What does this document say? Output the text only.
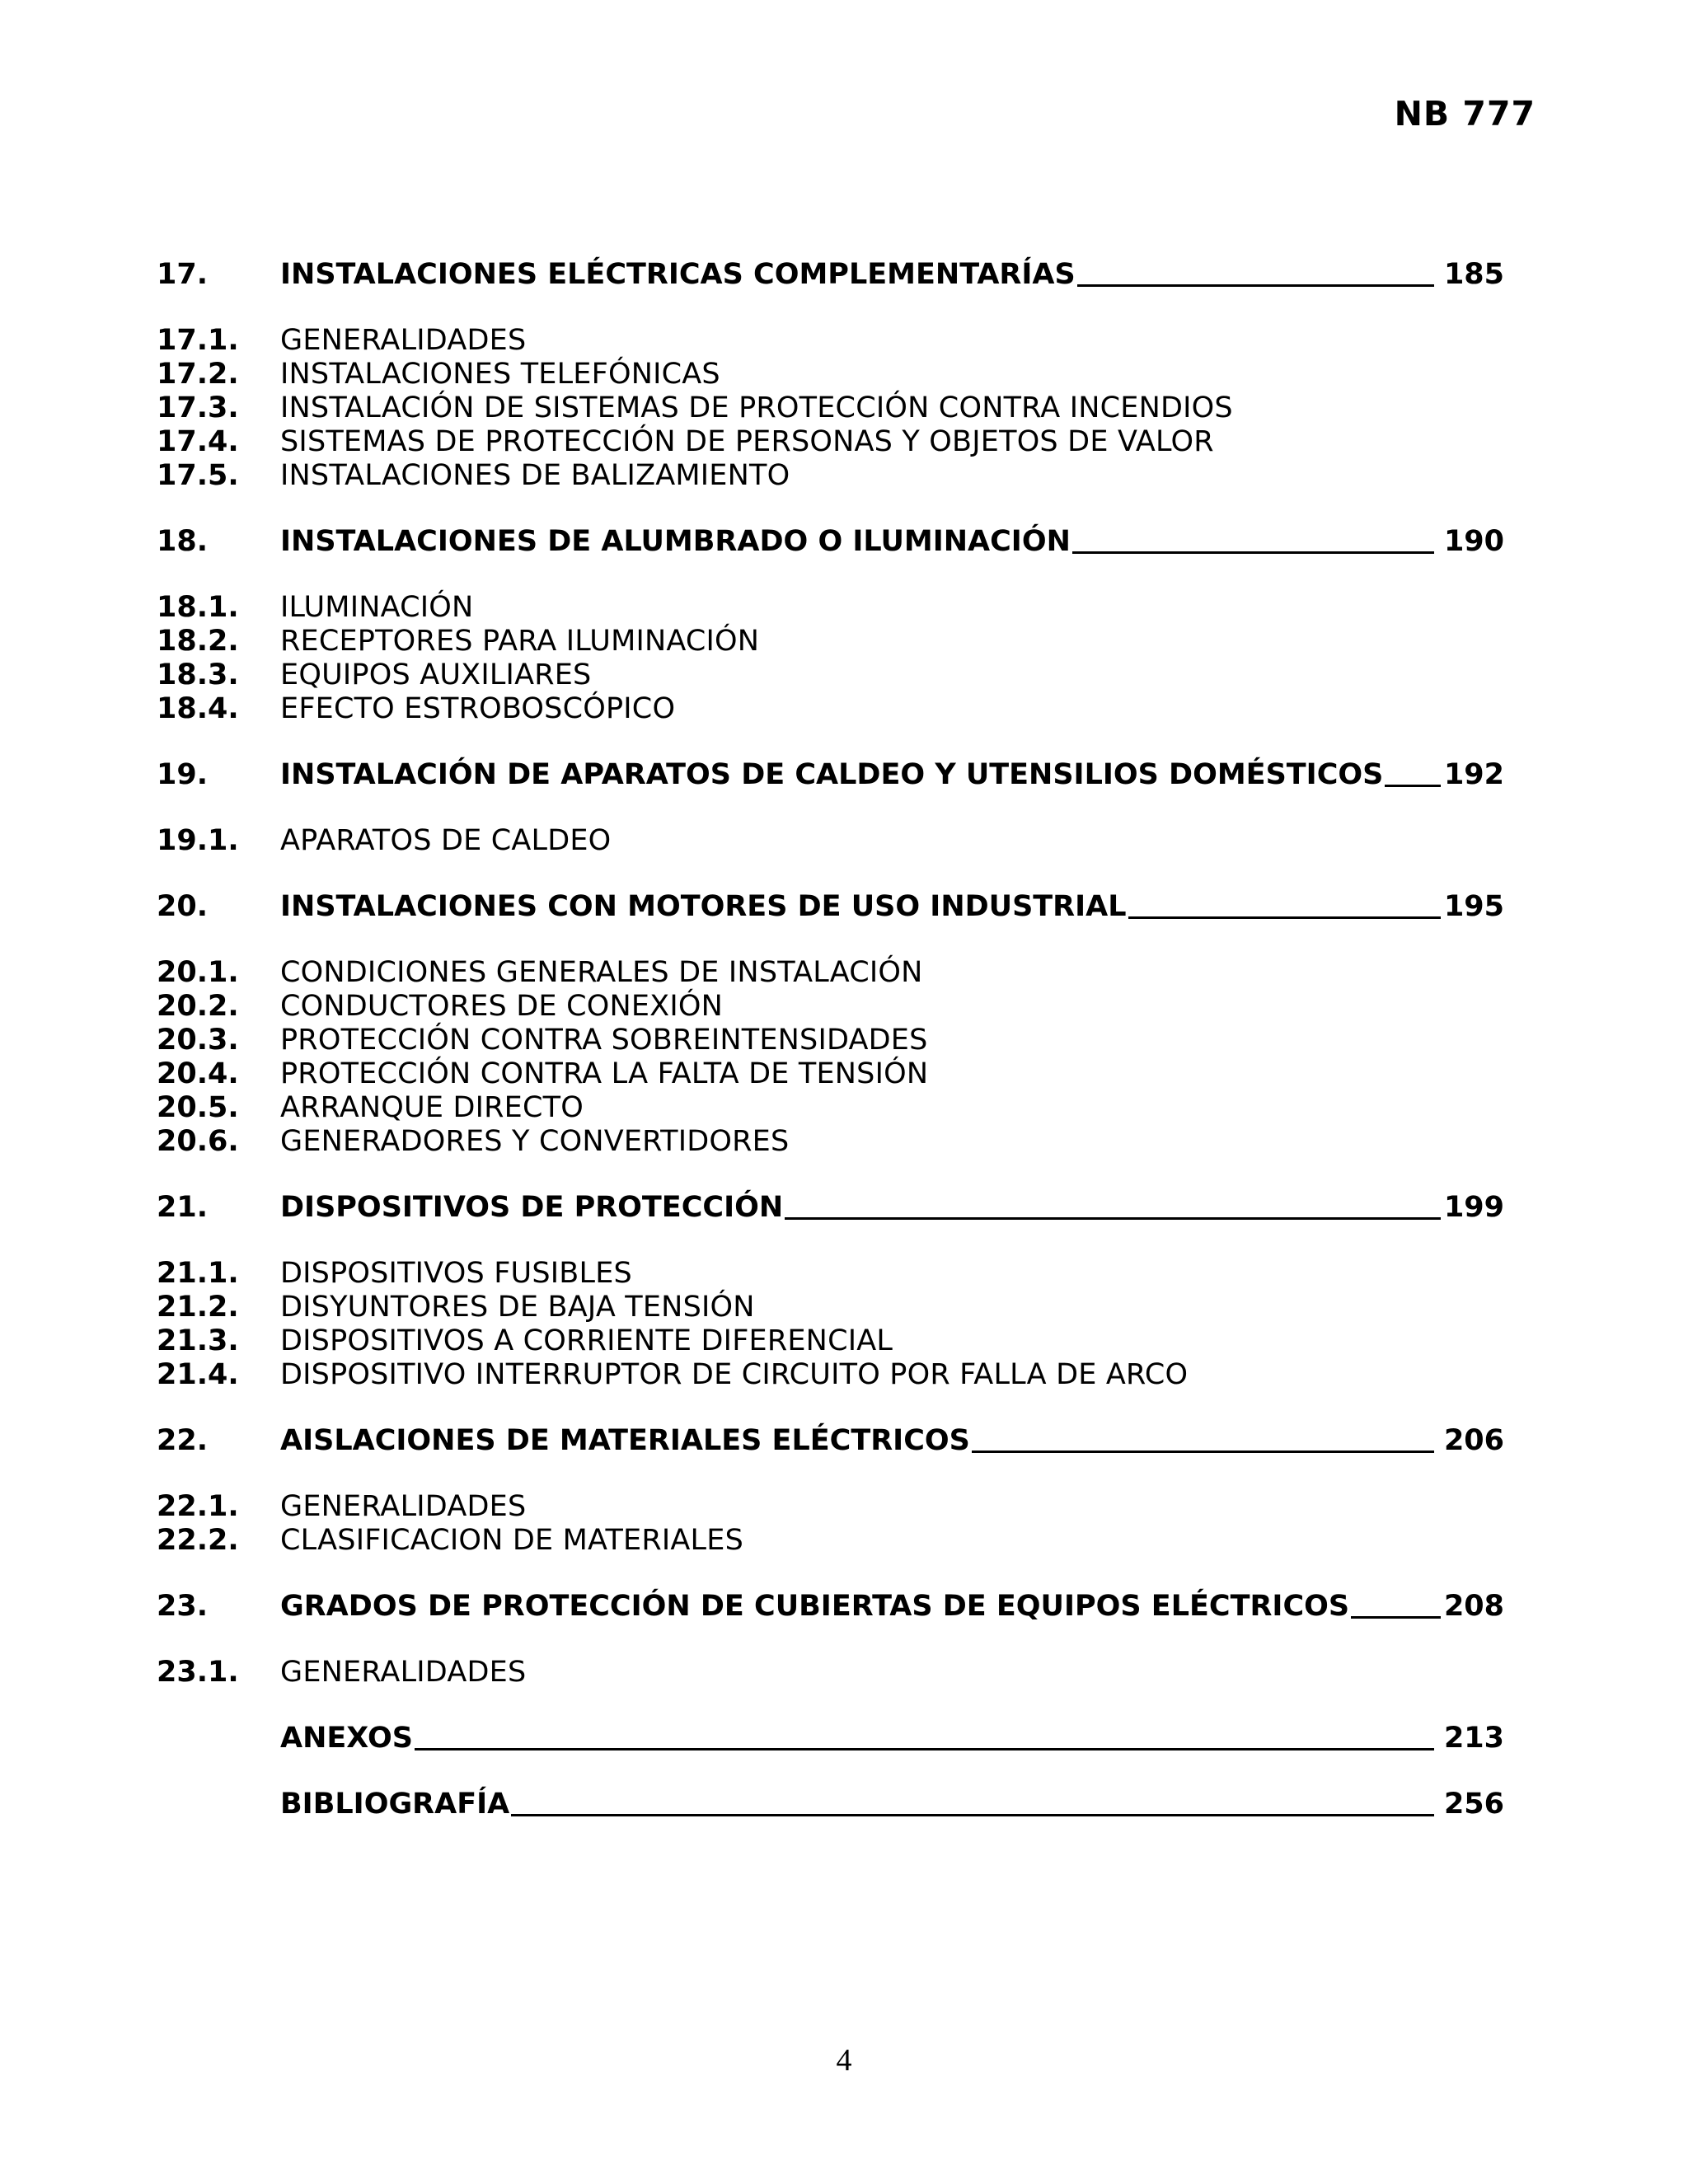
NB 777
17.	INSTALACIONES ELÉCTRICAS COMPLEMENTARÍAS	185
17.1.	GENERALIDADES
17.2.	INSTALACIONES TELEFÓNICAS
17.3.	INSTALACIÓN DE SISTEMAS DE PROTECCIÓN CONTRA INCENDIOS
17.4.	SISTEMAS DE PROTECCIÓN DE PERSONAS Y OBJETOS DE VALOR
17.5.	INSTALACIONES DE BALIZAMIENTO
18.	INSTALACIONES DE ALUMBRADO O ILUMINACIÓN	190
18.1.	ILUMINACIÓN
18.2.	RECEPTORES PARA ILUMINACIÓN
18.3.	EQUIPOS AUXILIARES
18.4.	EFECTO ESTROBOSCÓPICO
19.	INSTALACIÓN DE APARATOS DE CALDEO Y UTENSILIOS DOMÉSTICOS 192
19.1.	APARATOS DE CALDEO
20.	INSTALACIONES CON MOTORES DE USO INDUSTRIAL	195
20.1.	CONDICIONES GENERALES DE INSTALACIÓN
20.2.	CONDUCTORES DE CONEXIÓN
20.3.	PROTECCIÓN CONTRA SOBREINTENSIDADES
20.4.	PROTECCIÓN CONTRA LA FALTA DE TENSIÓN
20.5.	ARRANQUE DIRECTO
20.6.	GENERADORES Y CONVERTIDORES
21.	DISPOSITIVOS DE PROTECCIÓN	199
21.1.	DISPOSITIVOS FUSIBLES
21.2.	DISYUNTORES DE BAJA TENSIÓN
21.3.	DISPOSITIVOS A CORRIENTE DIFERENCIAL
21.4.	DISPOSITIVO INTERRUPTOR DE CIRCUITO POR FALLA DE ARCO
22.	AISLACIONES DE MATERIALES ELÉCTRICOS	206
22.1.	GENERALIDADES
22.2.	CLASIFICACION DE MATERIALES
23.	GRADOS DE PROTECCIÓN DE CUBIERTAS DE EQUIPOS ELÉCTRICOS	208
23.1.	GENERALIDADES
ANEXOS	213
BIBLIOGRAFÍA	256
4
